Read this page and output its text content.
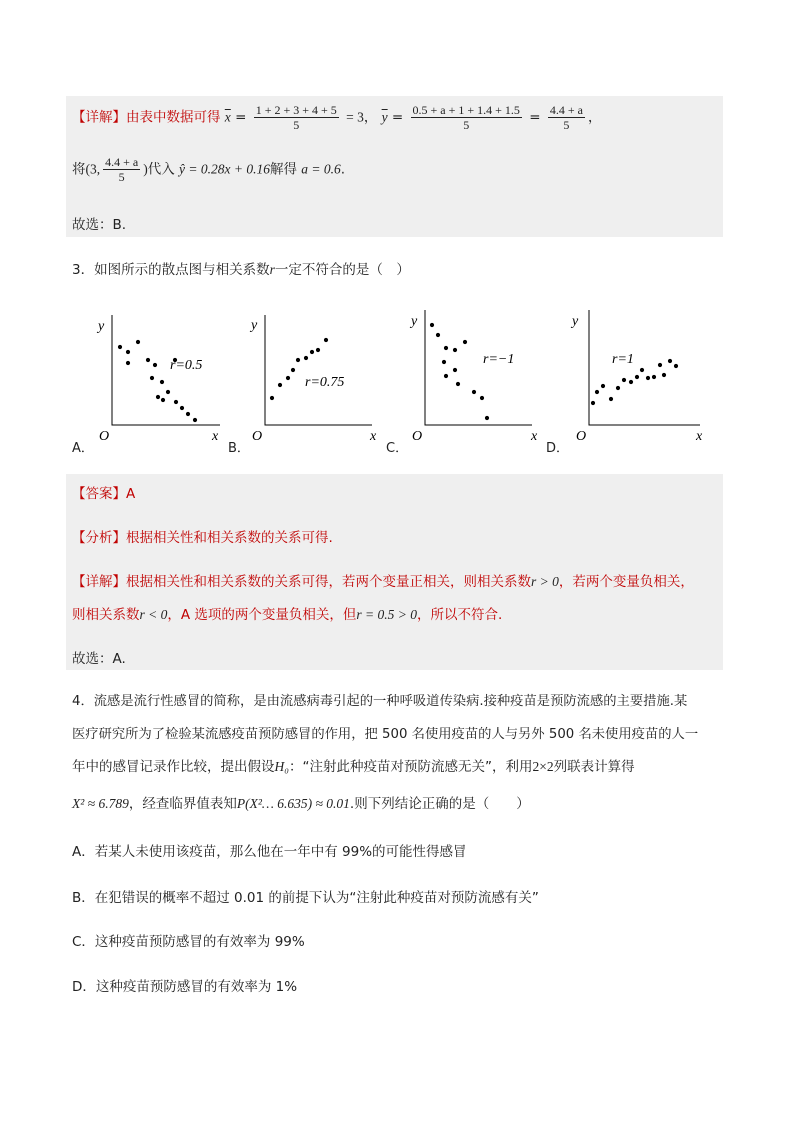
【详解】由表中数据可得 $\overline{x} = \frac{1 + 2 + 3 + 4 + 5}{5} = 3$， $\overline{y} = \frac{0.5 + a + 1 + 1.4 + 1.5}{5} = \frac{4.4 + a}{5}$ ，
将(3, $\frac{4.4 + a}{5}$ )代入 ŷ = 0.28x + 0.16解得 a = 0.6.
故选：B.
3．如图所示的散点图与相关系数r一定不符合的是（　）
y
O	x
r=0.5
y
O	x
r=0.75
y
O	x
r=−1
y
O	x
r=1
A．	B．	C．	D．
【答案】A
【分析】根据相关性和相关系数的关系可得.
【详解】根据相关性和相关系数的关系可得，若两个变量正相关，则相关系数r > 0，若两个变量负相关，
则相关系数r < 0，A 选项的两个变量负相关，但r = 0.5 > 0，所以不符合.
故选：A.
4．流感是流行性感冒的简称，是由流感病毒引起的一种呼吸道传染病.接种疫苗是预防流感的主要措施.某
医疗研究所为了检验某流感疫苗预防感冒的作用，把 500 名使用疫苗的人与另外 500 名未使用疫苗的人一
年中的感冒记录作比较，提出假设H₀：“注射此种疫苗对预防流感无关”，利用2×2列联表计算得
X² ≈ 6.789，经查临界值表知P(X²… 6.635) ≈ 0.01.则下列结论正确的是（　　）
A．若某人未使用该疫苗，那么他在一年中有 99%的可能性得感冒
B．在犯错误的概率不超过 0.01 的前提下认为“注射此种疫苗对预防流感有关”
C．这种疫苗预防感冒的有效率为 99%
D．这种疫苗预防感冒的有效率为 1%
